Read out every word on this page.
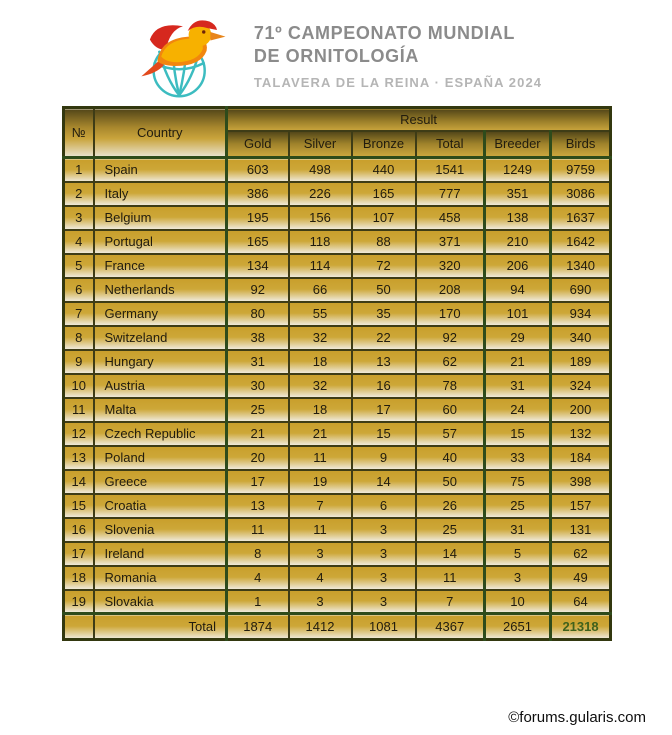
71º CAMPEONATO MUNDIAL
DE ORNITOLOGÍA
TALAVERA DE LA REINA · ESPAÑA 2024
№	Country	Result					
		Gold	Silver	Bronze	Total	Breeder	Birds
1	Spain	603	498	440	1541	1249	9759
2	Italy	386	226	165	777	351	3086
3	Belgium	195	156	107	458	138	1637
4	Portugal	165	118	88	371	210	1642
5	France	134	114	72	320	206	1340
6	Netherlands	92	66	50	208	94	690
7	Germany	80	55	35	170	101	934
8	Switzeland	38	32	22	92	29	340
9	Hungary	31	18	13	62	21	189
10	Austria	30	32	16	78	31	324
11	Malta	25	18	17	60	24	200
12	Czech Republic	21	21	15	57	15	132
13	Poland	20	11	9	40	33	184
14	Greece	17	19	14	50	75	398
15	Croatia	13	7	6	26	25	157
16	Slovenia	11	11	3	25	31	131
17	Ireland	8	3	3	14	5	62
18	Romania	4	4	3	11	3	49
19	Slovakia	1	3	3	7	10	64
	Total	1874	1412	1081	4367	2651	21318
©forums.gularis.com
